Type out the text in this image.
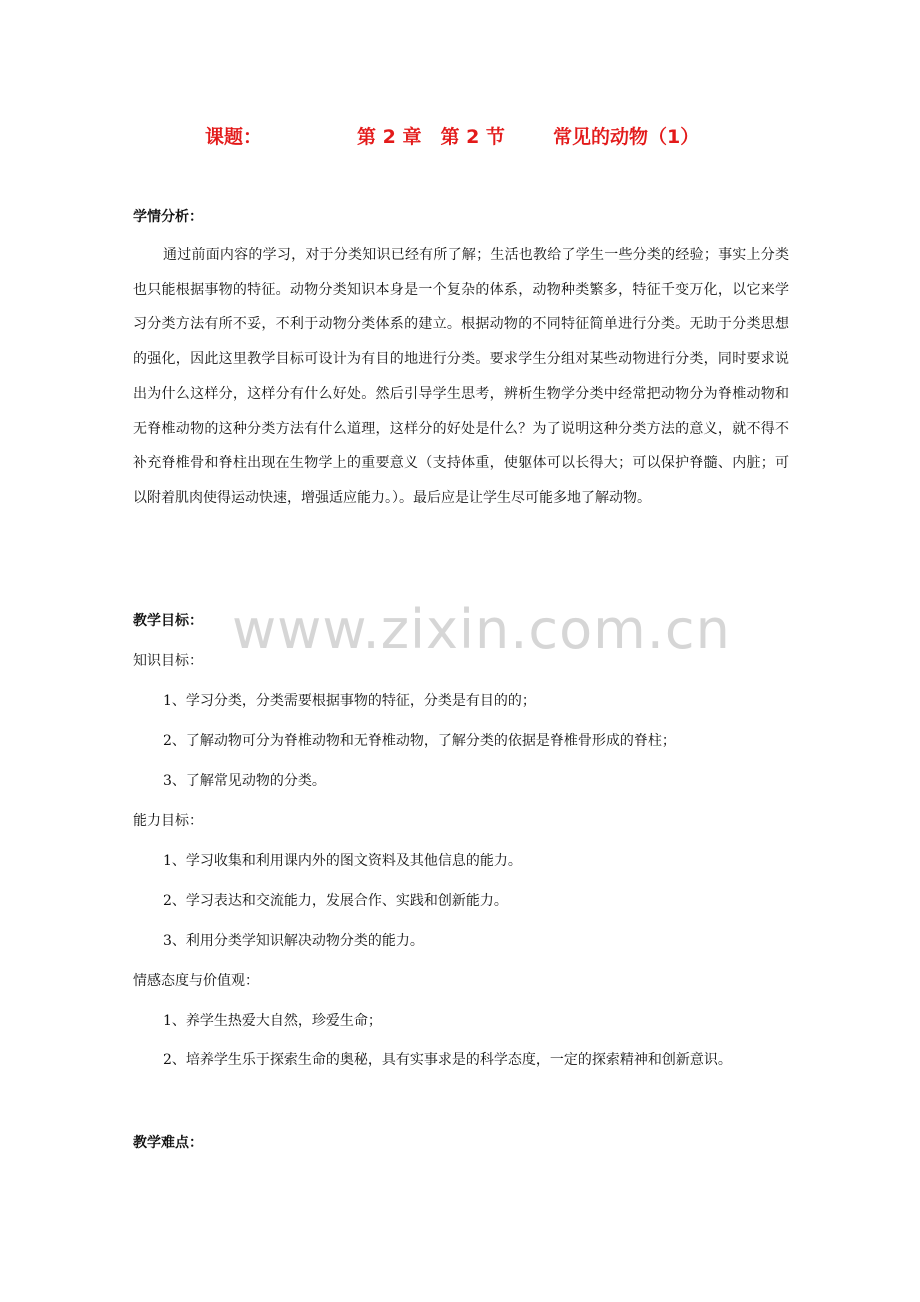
课题：	第 2 章　第 2 节	常见的动物（1）
学情分析：
通过前面内容的学习，对于分类知识已经有所了解；生活也教给了学生一些分类的经验；事实上分类也只能根据事物的特征。动物分类知识本身是一个复杂的体系，动物种类繁多，特征千变万化，以它来学习分类方法有所不妥，不利于动物分类体系的建立。根据动物的不同特征简单进行分类。无助于分类思想的强化，因此这里教学目标可设计为有目的地进行分类。要求学生分组对某些动物进行分类，同时要求说出为什么这样分，这样分有什么好处。然后引导学生思考，辨析生物学分类中经常把动物分为脊椎动物和无脊椎动物的这种分类方法有什么道理，这样分的好处是什么？为了说明这种分类方法的意义，就不得不补充脊椎骨和脊柱出现在生物学上的重要意义（支持体重，使躯体可以长得大；可以保护脊髓、内脏；可以附着肌肉使得运动快速，增强适应能力。）。最后应是让学生尽可能多地了解动物。
www.zixin.com.cn
教学目标：
知识目标：
1、学习分类，分类需要根据事物的特征，分类是有目的的；
2、了解动物可分为脊椎动物和无脊椎动物，了解分类的依据是脊椎骨形成的脊柱；
3、了解常见动物的分类。
能力目标：
1、学习收集和利用课内外的图文资料及其他信息的能力。
2、学习表达和交流能力，发展合作、实践和创新能力。
3、利用分类学知识解决动物分类的能力。
情感态度与价值观：
1、养学生热爱大自然，珍爱生命；
2、培养学生乐于探索生命的奥秘，具有实事求是的科学态度，一定的探索精神和创新意识。
教学难点：
